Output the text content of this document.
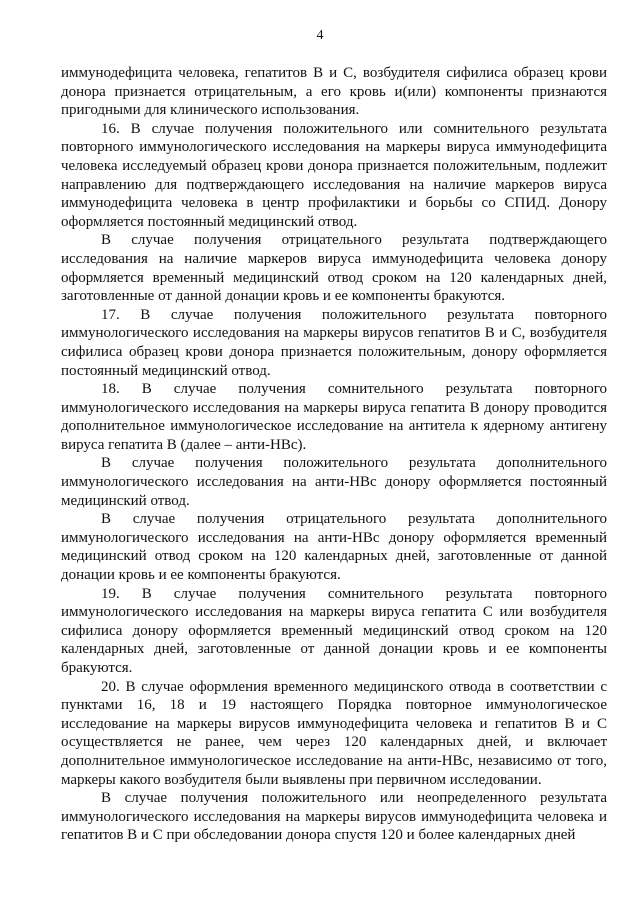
4

иммунодефицита человека, гепатитов В и С, возбудителя сифилиса образец крови донора признается отрицательным, а его кровь и(или) компоненты признаются пригодными для клинического использования.

16. В случае получения положительного или сомнительного результата повторного иммунологического исследования на маркеры вируса иммунодефицита человека исследуемый образец крови донора признается положительным, подлежит направлению для подтверждающего исследования на наличие маркеров вируса иммунодефицита человека в центр профилактики и борьбы со СПИД. Донору оформляется постоянный медицинский отвод.

В случае получения отрицательного результата подтверждающего исследования на наличие маркеров вируса иммунодефицита человека донору оформляется временный медицинский отвод сроком на 120 календарных дней, заготовленные от данной донации кровь и ее компоненты бракуются.

17. В случае получения положительного результата повторного иммунологического исследования на маркеры вирусов гепатитов В и С, возбудителя сифилиса образец крови донора признается положительным, донору оформляется постоянный медицинский отвод.

18. В случае получения сомнительного результата повторного иммунологического исследования на маркеры вируса гепатита В донору проводится дополнительное иммунологическое исследование на антитела к ядерному антигену вируса гепатита В (далее – анти-НВс).

В случае получения положительного результата дополнительного иммунологического исследования на анти-НВс донору оформляется постоянный медицинский отвод.

В случае получения отрицательного результата дополнительного иммунологического исследования на анти-НВс донору оформляется временный медицинский отвод сроком на 120 календарных дней, заготовленные от данной донации кровь и ее компоненты бракуются.

19. В случае получения сомнительного результата повторного иммунологического исследования на маркеры вируса гепатита С или возбудителя сифилиса донору оформляется временный медицинский отвод сроком на 120 календарных дней, заготовленные от данной донации кровь и ее компоненты бракуются.

20. В случае оформления временного медицинского отвода в соответствии с пунктами 16, 18 и 19 настоящего Порядка повторное иммунологическое исследование на маркеры вирусов иммунодефицита человека и гепатитов В и С осуществляется не ранее, чем через 120 календарных дней, и включает дополнительное иммунологическое исследование на анти-НВс, независимо от того, маркеры какого возбудителя были выявлены при первичном исследовании.

В случае получения положительного или неопределенного результата иммунологического исследования на маркеры вирусов иммунодефицита человека и гепатитов В и С при обследовании донора спустя 120 и более календарных дней
